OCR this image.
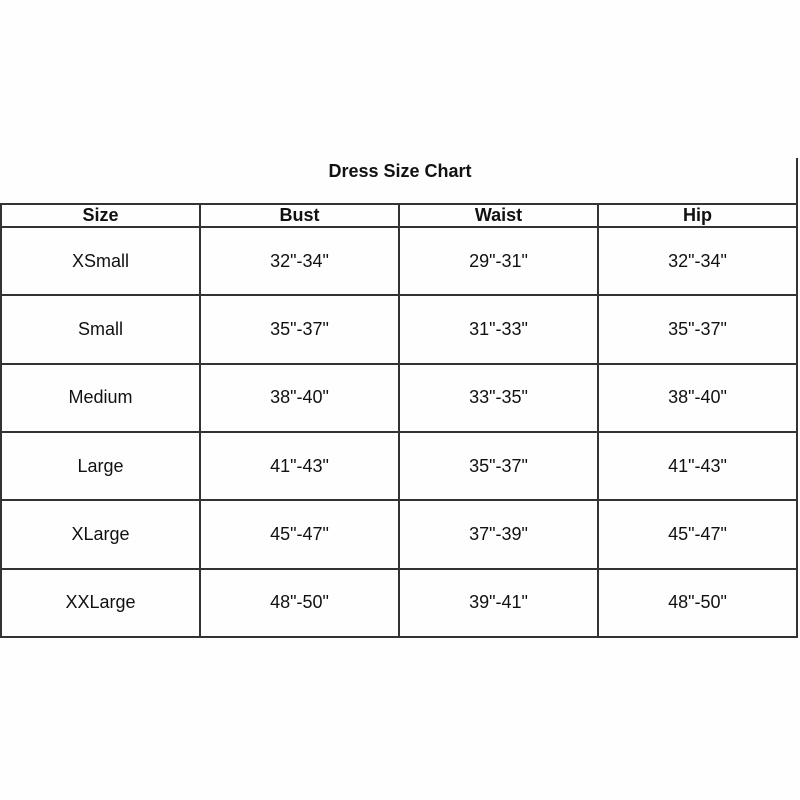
Dress Size Chart
Size	Bust	Waist	Hip
XSmall	32"-34"	29"-31"	32"-34"
Small	35"-37"	31"-33"	35"-37"
Medium	38"-40"	33"-35"	38"-40"
Large	41"-43"	35"-37"	41"-43"
XLarge	45"-47"	37"-39"	45"-47"
XXLarge	48"-50"	39"-41"	48"-50"
